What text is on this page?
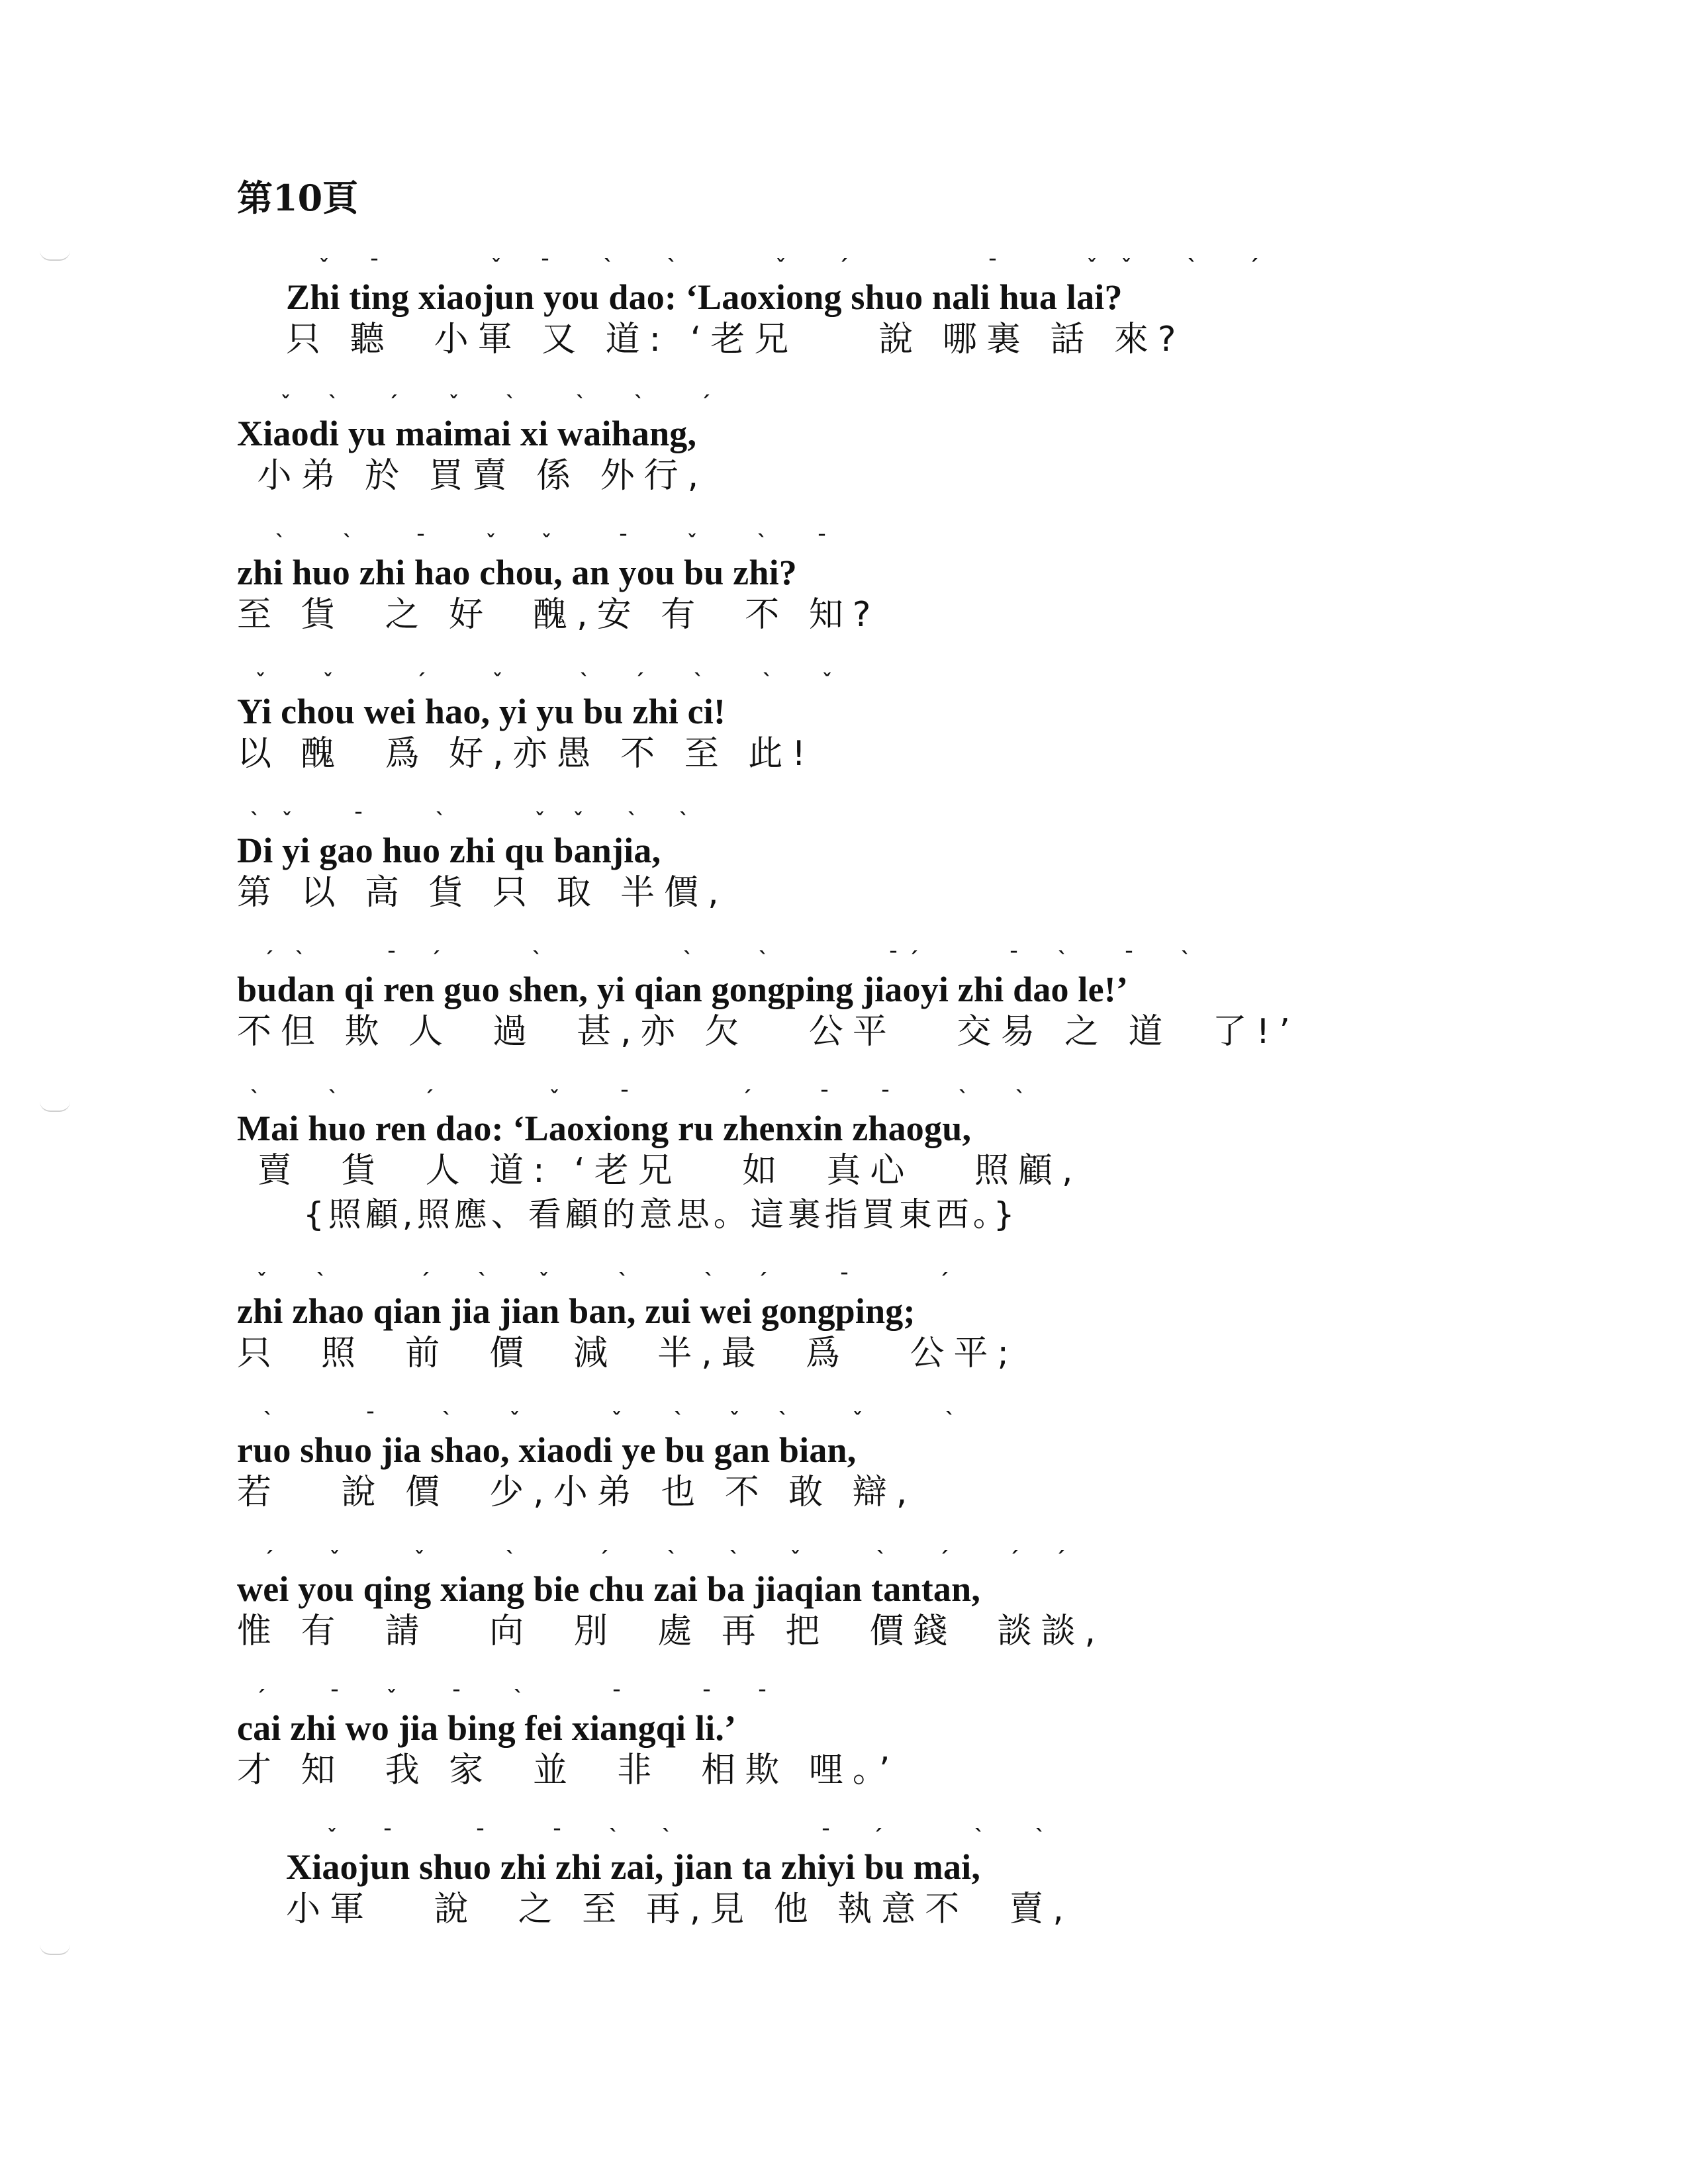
第10頁
ˇ ¯	ˇ ¯	ˋ	ˋ	ˇ	ˊ	¯	ˇ ˇ	ˋ	ˊ
Zhi ting xiaojun you dao: ‘Laoxiong shuo nali hua lai?
只 聽  小軍 又 道: ‘老兄    說 哪裏 話 來?
ˇ ˋ	ˊ	ˇ ˋ	ˋ ˋ	ˊ
Xiaodi yu maimai xi waihang,
小弟 於 買賣 係 外行,
ˋ	ˋ	¯	ˇ ˇ	¯	ˇ	ˋ	¯
zhi huo zhi hao chou, an you bu zhi?
至 貨  之 好  醜,安 有  不 知?
ˇ	ˇ	ˊ	ˇ	ˋ ˊ	ˋ	ˋ	ˇ
Yi chou wei hao, yi yu bu zhi ci!
以 醜  爲 好,亦愚 不 至 此!
ˋ ˇ	¯	ˋ	ˇ ˇ ˋ ˋ
Di yi gao huo zhi qu banjia,
第 以 高 貨 只 取 半價,
ˊ ˋ	¯ ˊ	ˋ	ˋ	ˋ	¯ ˊ	¯ ˋ	¯ ˋ
budan qi ren guo shen, yi qian gongping jiaoyi zhi dao le!’
不但 欺 人  過  甚,亦 欠   公平   交易 之 道  了!’
ˋ	ˋ	ˊ	ˇ	¯	ˊ	¯	¯	ˋ ˋ
Mai huo ren dao: ‘Laoxiong ru zhenxin zhaogu,
賣  貨  人 道: ‘老兄   如  真心   照顧,
{照顧,照應、看顧的意思。這裏指買東西。}
ˇ	ˋ	ˊ ˋ	ˇ	ˋ	ˋ ˊ	¯	ˊ
zhi zhao qian jia jian ban, zui wei gongping;
只  照  前  價  減  半,最  爲   公平;
ˋ	¯	ˋ	ˇ	ˇ	ˋ ˇ ˋ	ˇ	ˋ
ruo shuo jia shao, xiaodi ye bu gan bian,
若   說 價  少,小弟 也 不 敢 辯,
ˊ	ˇ	ˇ	ˋ	ˊ	ˋ	ˋ	ˇ	ˋ	ˊ	ˊ ˊ
wei you qing xiang bie chu zai ba jiaqian tantan,
惟 有  請   向  別  處 再 把  價錢  談談,
ˊ	¯ ˇ	¯	ˋ	¯	¯ ¯
cai zhi wo jia bing fei xiangqi li.’
才 知  我 家  並  非  相欺 哩。’
ˇ ¯	¯	¯ ˋ ˋ	¯ ˊ	ˋ	ˋ
Xiaojun shuo zhi zhi zai, jian ta zhiyi bu mai,
小軍   說  之 至 再,見 他 執意不  賣,
